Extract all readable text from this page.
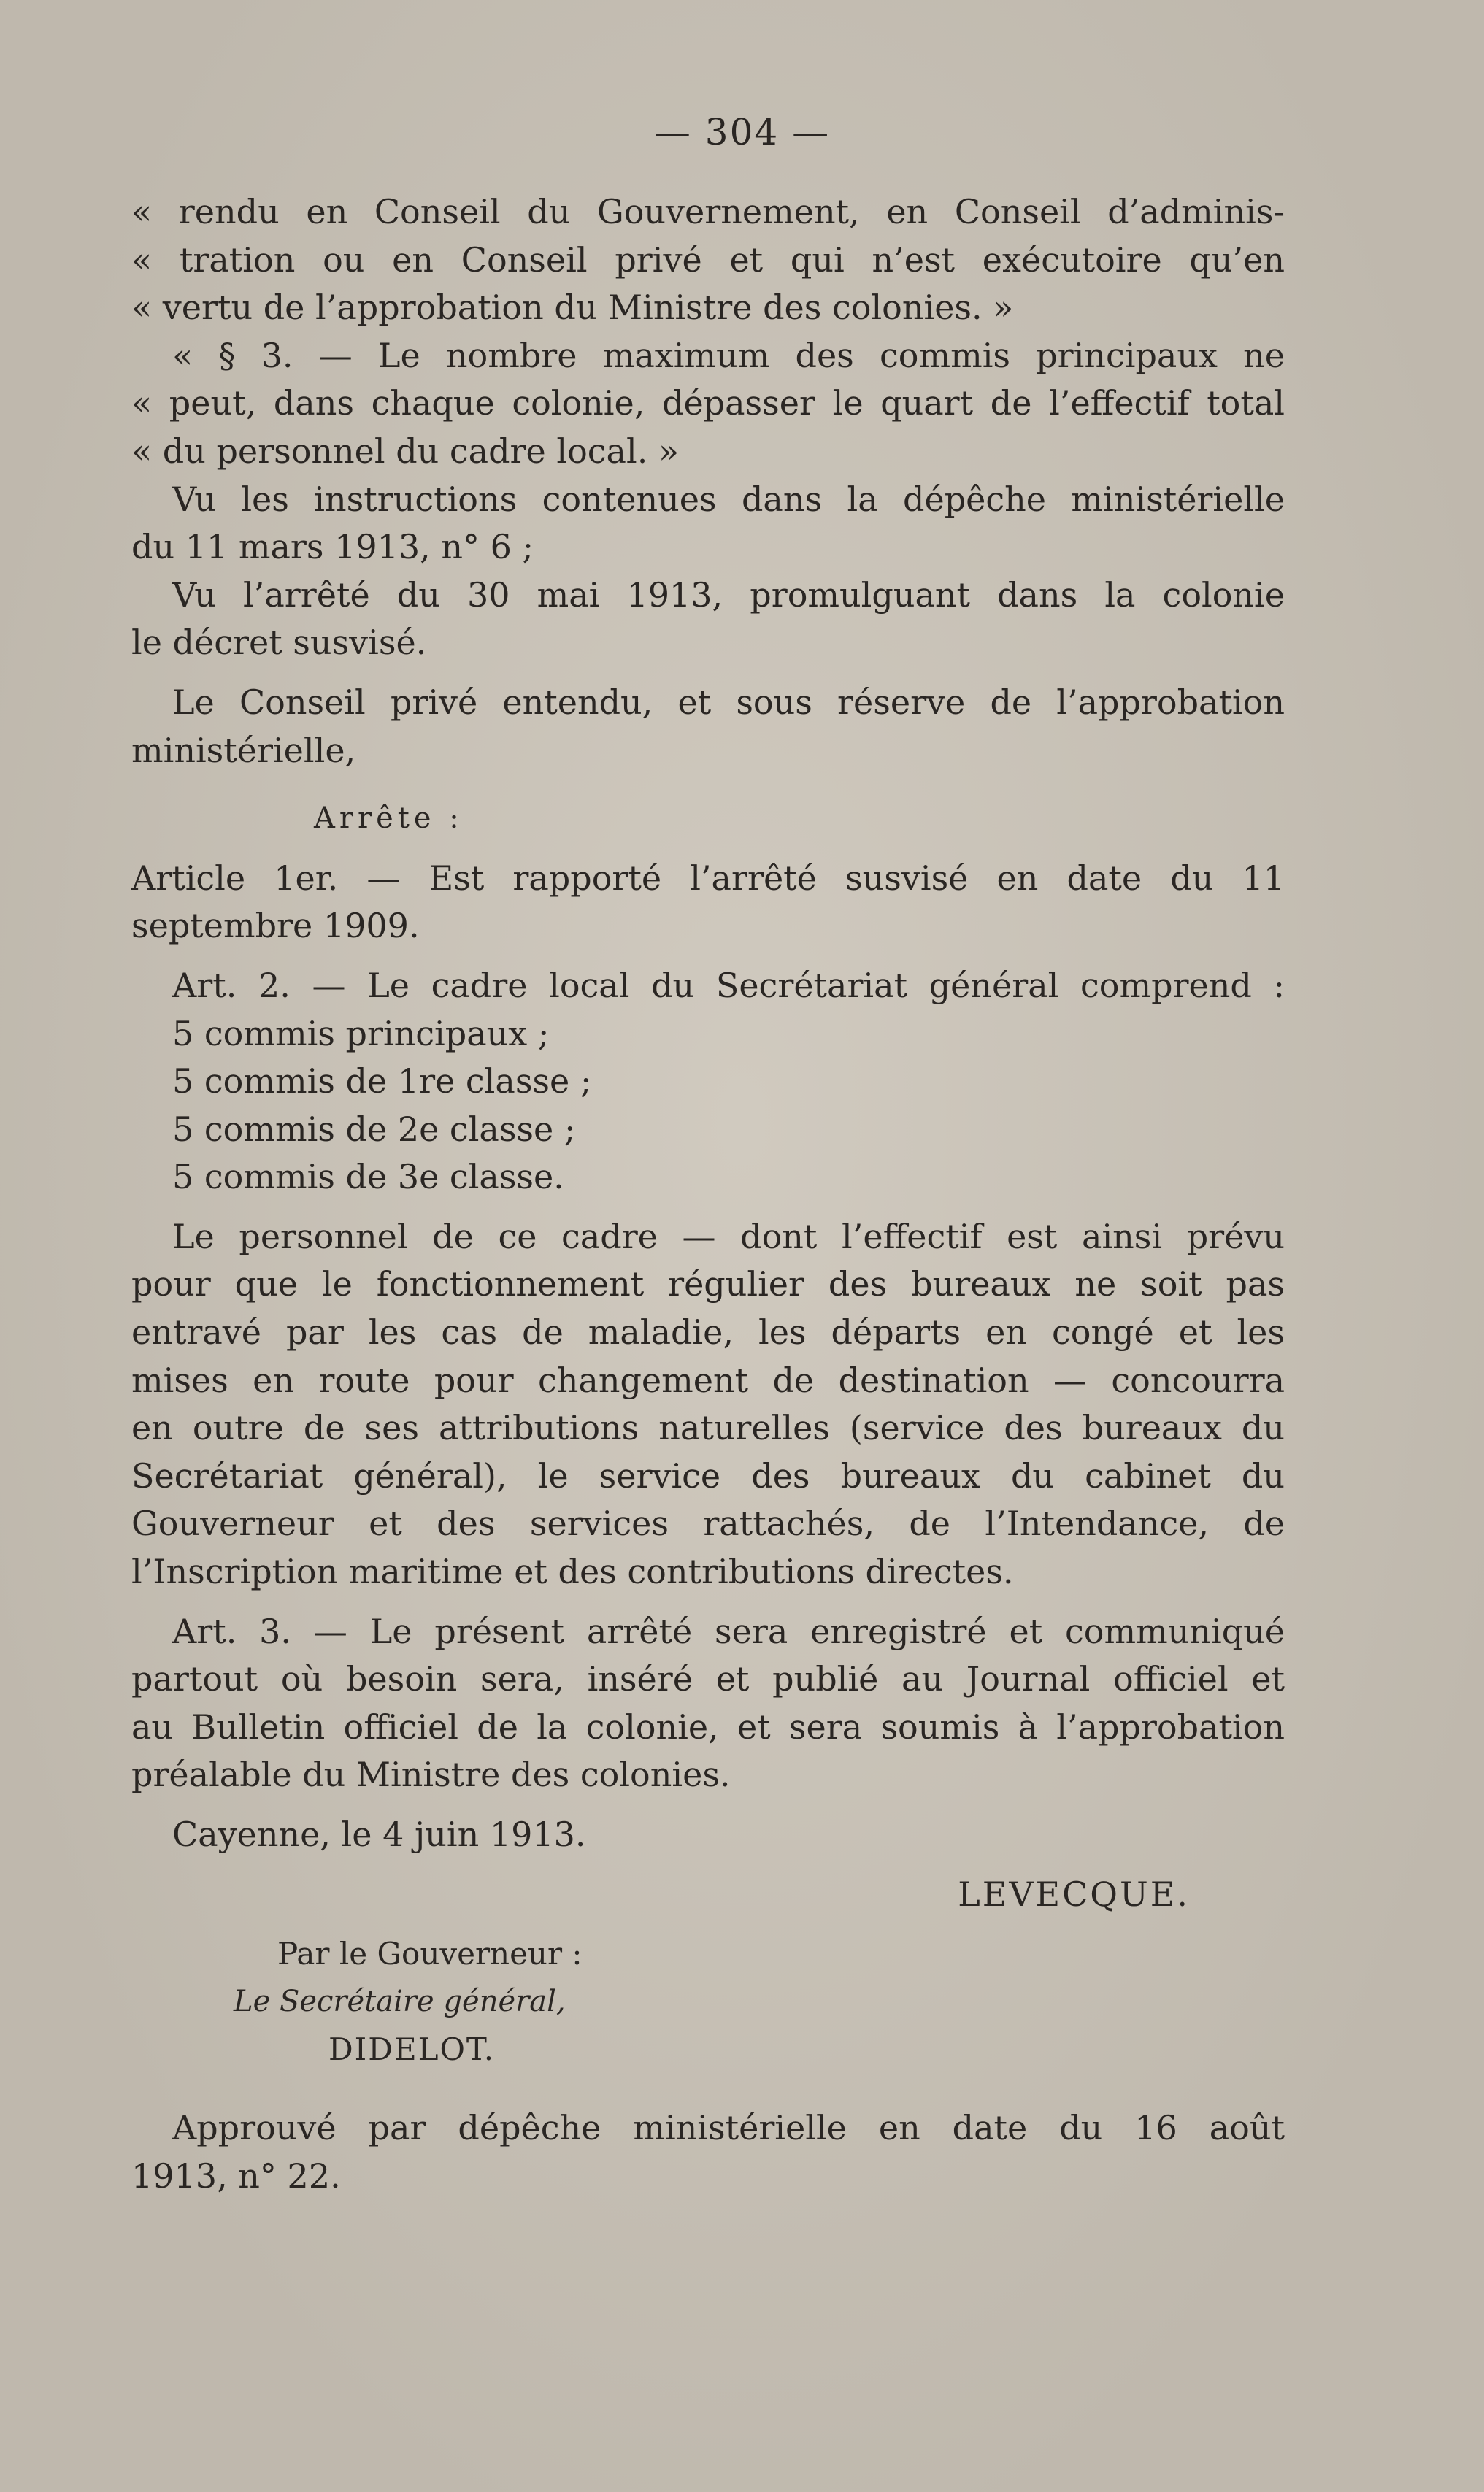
— 304 —
« rendu en Conseil du Gouvernement, en Conseil d’adminis-
« tration ou en Conseil privé et qui n’est exécutoire qu’en
« vertu de l’approbation du Ministre des colonies. »
« § 3. — Le nombre maximum des commis principaux ne
« peut, dans chaque colonie, dépasser le quart de l’effectif total
« du personnel du cadre local. »
Vu les instructions contenues dans la dépêche ministérielle
du 11 mars 1913, n° 6 ;
Vu l’arrêté du 30 mai 1913, promulguant dans la colonie
le décret susvisé.
Le Conseil privé entendu, et sous réserve de l’approbation
ministérielle,
Arrête :
Article 1er. — Est rapporté l’arrêté susvisé en date du 11
septembre 1909.
Art. 2. — Le cadre local du Secrétariat général comprend :
5 commis principaux ;
5 commis de 1re classe ;
5 commis de 2e classe ;
5 commis de 3e classe.
Le personnel de ce cadre — dont l’effectif est ainsi prévu
pour que le fonctionnement régulier des bureaux ne soit pas
entravé par les cas de maladie, les départs en congé et les
mises en route pour changement de destination — concourra
en outre de ses attributions naturelles (service des bureaux du
Secrétariat général), le service des bureaux du cabinet du
Gouverneur et des services rattachés, de l’Intendance, de
l’Inscription maritime et des contributions directes.
Art. 3. — Le présent arrêté sera enregistré et communiqué
partout où besoin sera, inséré et publié au Journal officiel et
au Bulletin officiel de la colonie, et sera soumis à l’approbation
préalable du Ministre des colonies.
Cayenne, le 4 juin 1913.
LEVECQUE.
Par le Gouverneur :
Le Secrétaire général,
DIDELOT.
Approuvé par dépêche ministérielle en date du 16 août
1913, n° 22.
